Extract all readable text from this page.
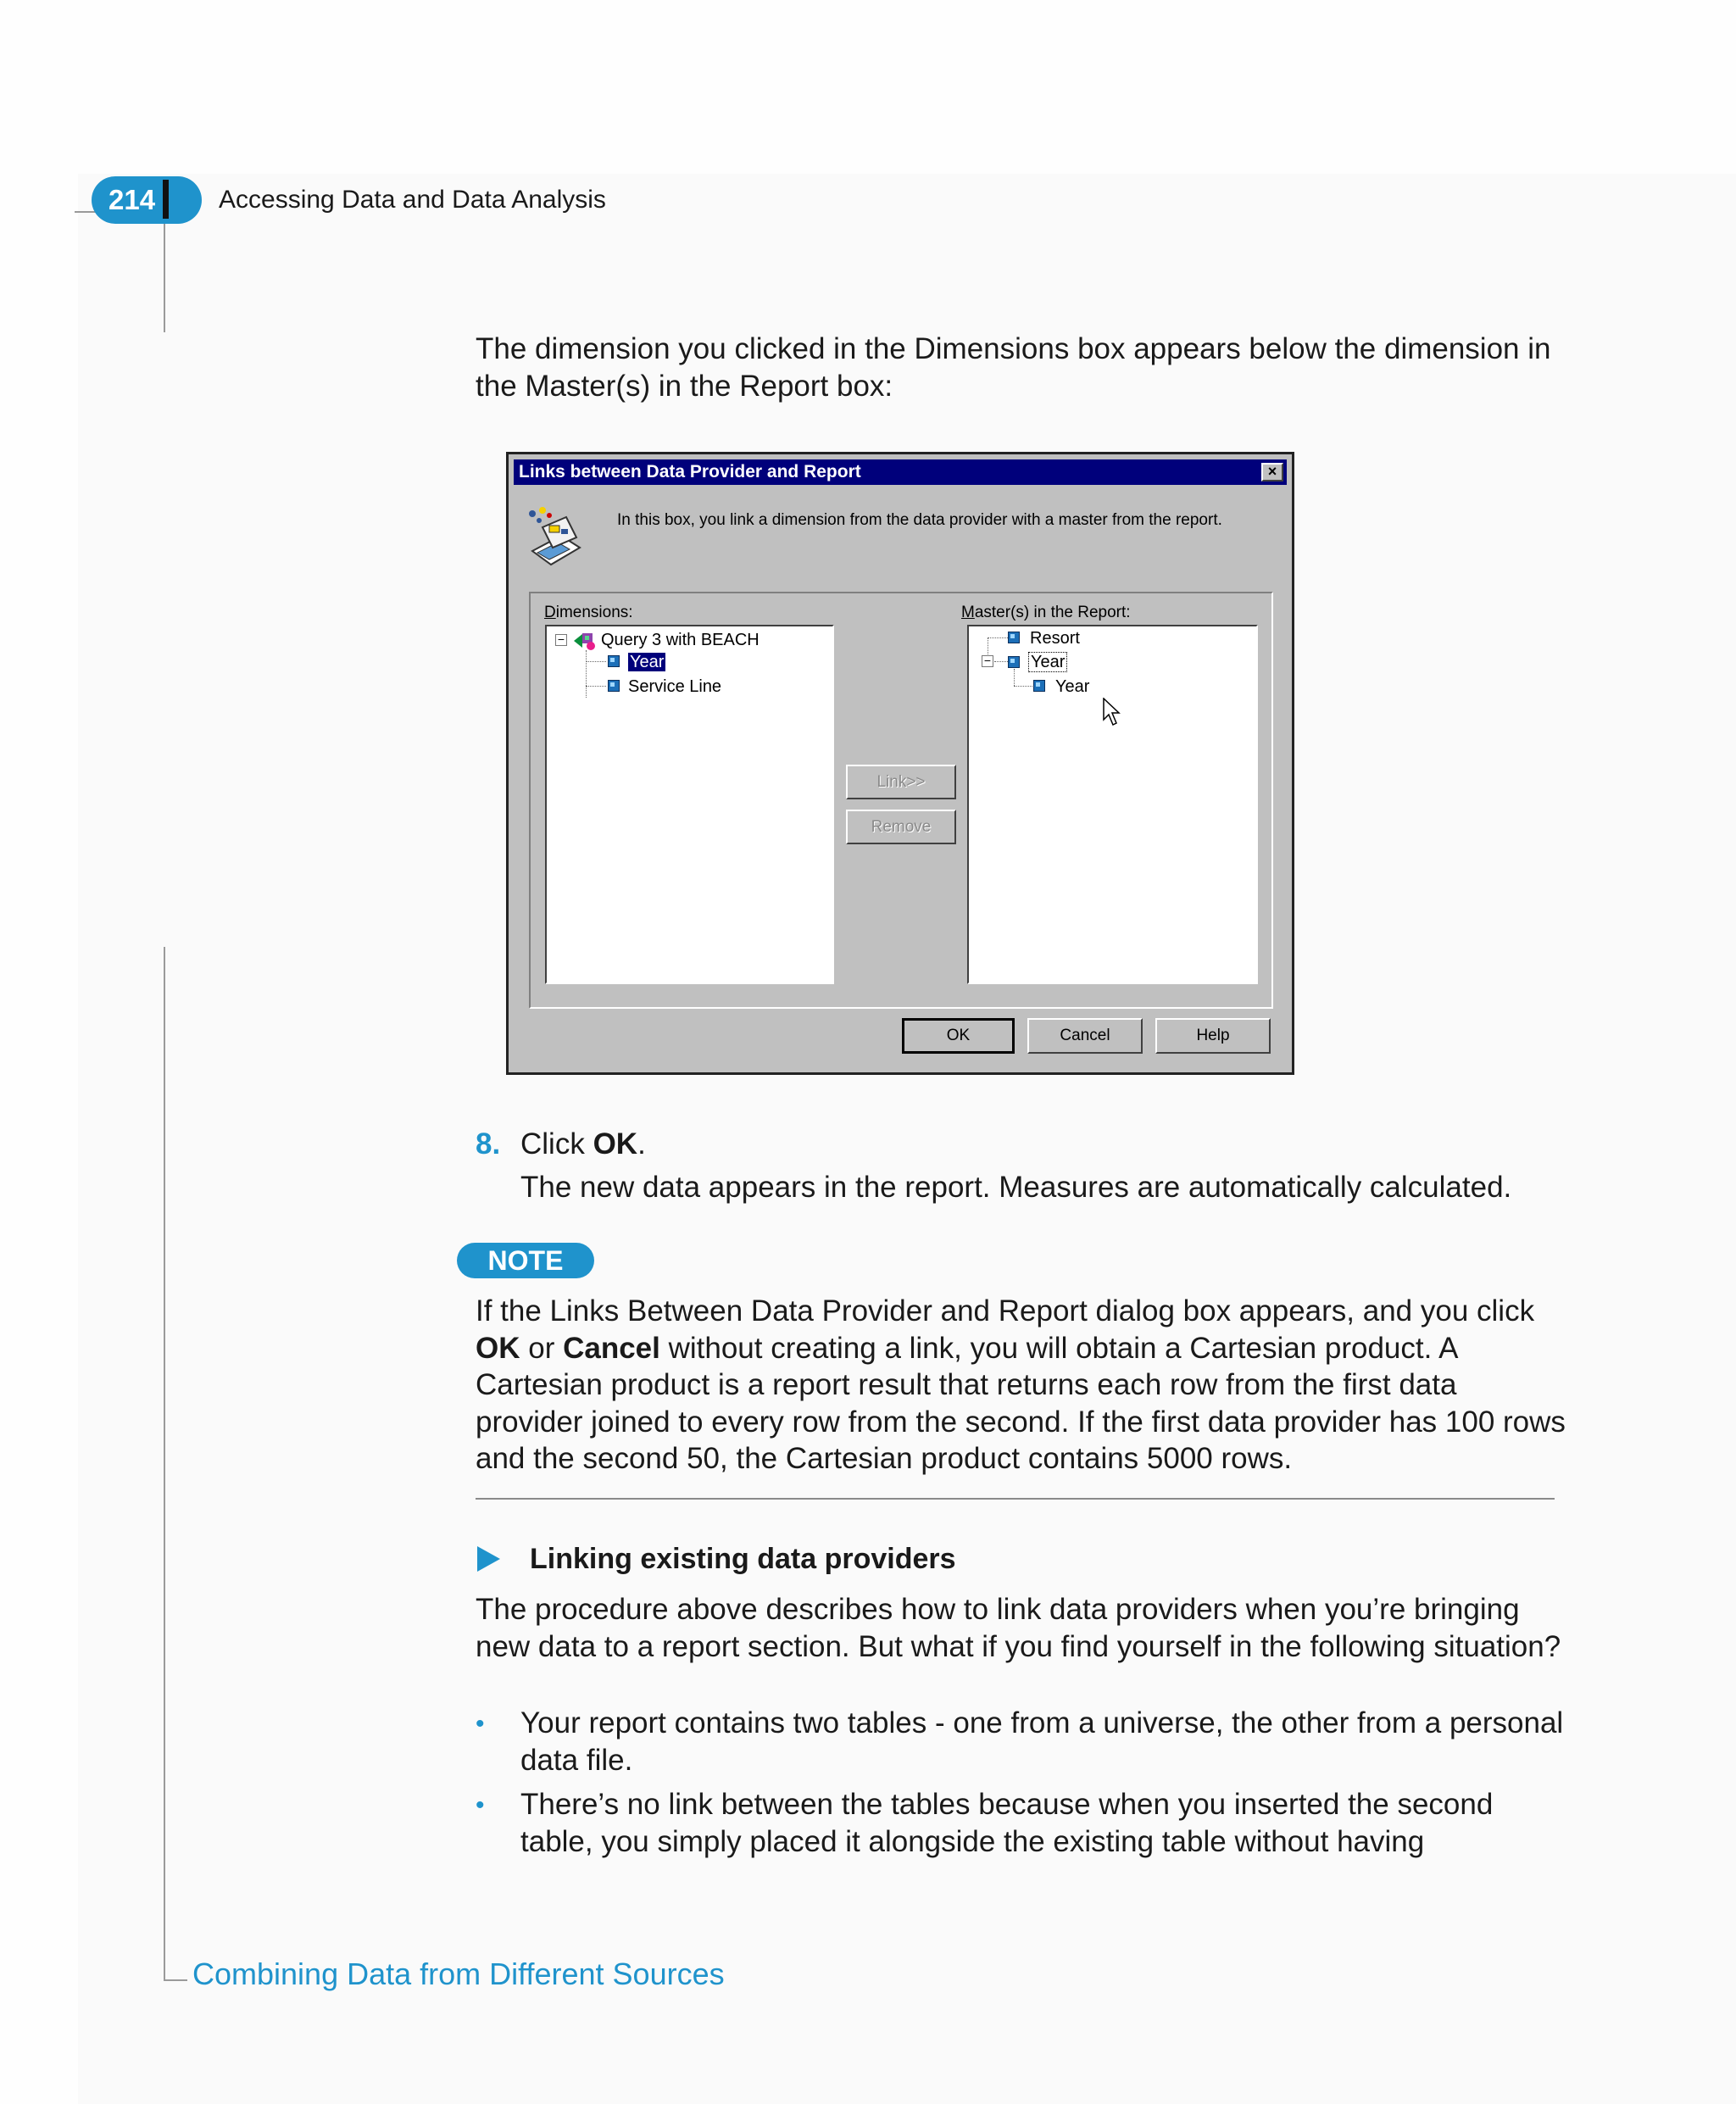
214 Accessing Data and Data Analysis
The dimension you clicked in the Dimensions box appears below the dimension in the Master(s) in the Report box:
Links between Data Provider and Report	×
In this box, you link a dimension from the data provider with a master from the report.
Dimensions:	Master(s) in the Report:
− Query 3 with BEACH
Year
Service Line
Link>>
Remove
Resort
− Year
Year
OK	Cancel	Help
8. Click OK.
The new data appears in the report. Measures are automatically calculated.
NOTE
If the Links Between Data Provider and Report dialog box appears, and you click OK or Cancel without creating a link, you will obtain a Cartesian product. A Cartesian product is a report result that returns each row from the first data provider joined to every row from the second. If the first data provider has 100 rows and the second 50, the Cartesian product contains 5000 rows.
Linking existing data providers
The procedure above describes how to link data providers when you’re bringing new data to a report section. But what if you find yourself in the following situation?
• Your report contains two tables - one from a universe, the other from a personal data file.
• There’s no link between the tables because when you inserted the second table, you simply placed it alongside the existing table without having
Combining Data from Different Sources
